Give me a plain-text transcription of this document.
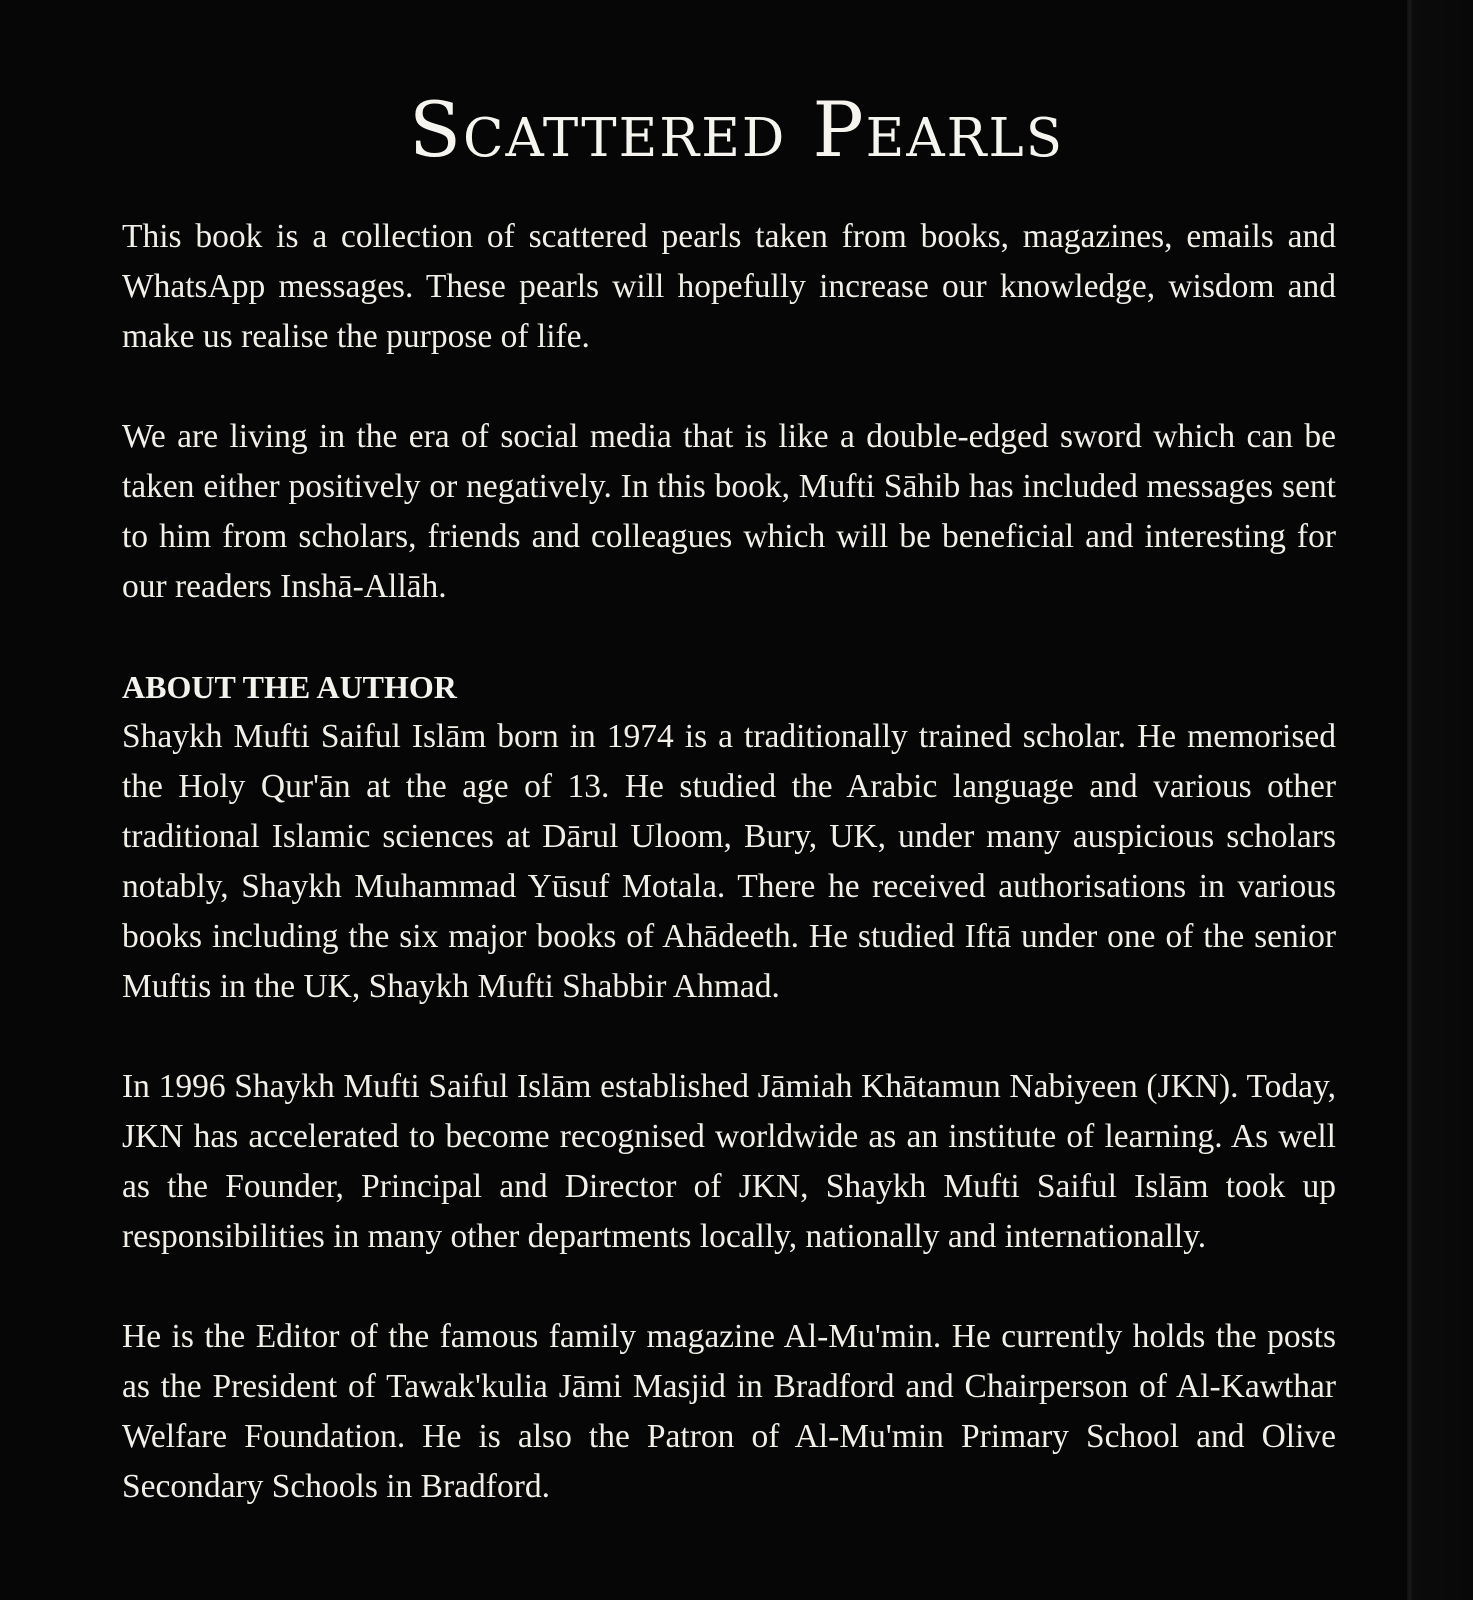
Scattered Pearls

This book is a collection of scattered pearls taken from books, magazines, emails and WhatsApp messages. These pearls will hopefully increase our knowledge, wisdom and make us realise the purpose of life.

We are living in the era of social media that is like a double-edged sword which can be taken either positively or negatively. In this book, Mufti Sāhib has included messages sent to him from scholars, friends and colleagues which will be beneficial and interesting for our readers Inshā-Allāh.

ABOUT THE AUTHOR

Shaykh Mufti Saiful Islām born in 1974 is a traditionally trained scholar. He memorised the Holy Qur'ān at the age of 13. He studied the Arabic language and various other traditional Islamic sciences at Dārul Uloom, Bury, UK, under many auspicious scholars notably, Shaykh Muhammad Yūsuf Motala. There he received authorisations in various books including the six major books of Ahādeeth. He studied Iftā under one of the senior Muftis in the UK, Shaykh Mufti Shabbir Ahmad.

In 1996 Shaykh Mufti Saiful Islām established Jāmiah Khātamun Nabiyeen (JKN). Today, JKN has accelerated to become recognised worldwide as an institute of learning. As well as the Founder, Principal and Director of JKN, Shaykh Mufti Saiful Islām took up responsibilities in many other departments locally, nationally and internationally.

He is the Editor of the famous family magazine Al-Mu'min. He currently holds the posts as the President of Tawak'kulia Jāmi Masjid in Bradford and Chairperson of Al-Kawthar Welfare Foundation. He is also the Patron of Al-Mu'min Primary School and Olive Secondary Schools in Bradford.
